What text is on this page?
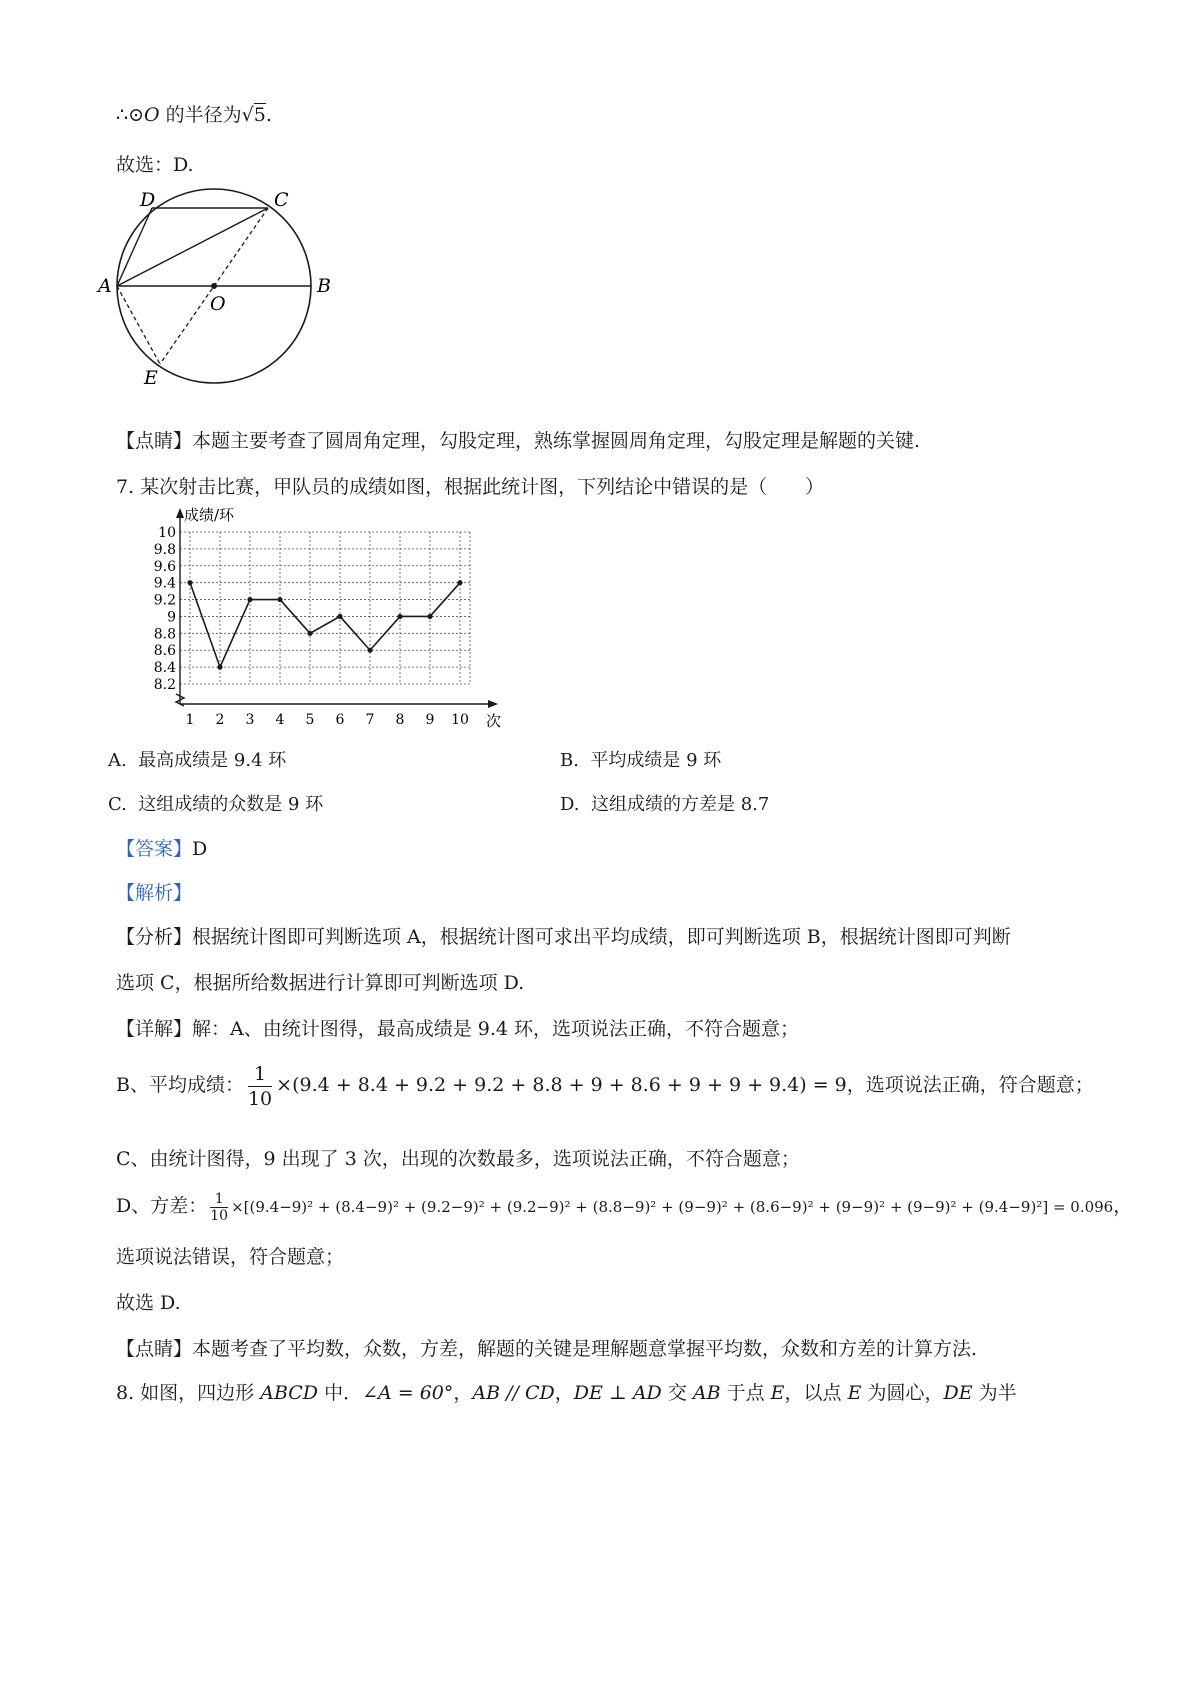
∴⊙O 的半径为√5.
故选：D.
A	B
C
D
E
O
【点睛】本题主要考查了圆周角定理，勾股定理，熟练掌握圆周角定理，勾股定理是解题的关键.
7. 某次射击比赛，甲队员的成绩如图，根据此统计图，下列结论中错误的是（　　）
8.2
8.4
8.6
8.8
9
9.2
9.4
9.6
9.8
10
1 2 3 4 5 6 7 8 9 10
成绩/环
次
A. 最高成绩是 9.4 环	B. 平均成绩是 9 环
C. 这组成绩的众数是 9 环	D. 这组成绩的方差是 8.7
【答案】D
【解析】
【分析】根据统计图即可判断选项 A，根据统计图可求出平均成绩，即可判断选项 B，根据统计图即可判断
选项 C，根据所给数据进行计算即可判断选项 D.
【详解】解：A、由统计图得，最高成绩是 9.4 环，选项说法正确，不符合题意；
B、平均成绩： $\frac{1}{10} \times(9.4 + 8.4 + 9.2 + 9.2 + 8.8 + 9 + 8.6 + 9 + 9 + 9.4) = 9$，选项说法正确，符合题意；
C、由统计图得，9 出现了 3 次，出现的次数最多，选项说法正确，不符合题意；
D、方差： $\frac{1}{10} \times[(9.4-9)^2 + (8.4-9)^2 + (9.2-9)^2 + (9.2-9)^2 + (8.8-9)^2 + (9-9)^2 + (8.6-9)^2 + (9-9)^2 + (9-9)^2 + (9.4-9)^2] = 0.096$，
选项说法错误，符合题意；
故选 D.
【点睛】本题考查了平均数，众数，方差，解题的关键是理解题意掌握平均数，众数和方差的计算方法.
8. 如图，四边形 ABCD 中．∠A = 60°，AB // CD，DE ⊥ AD 交 AB 于点 E，以点 E 为圆心，DE 为半
